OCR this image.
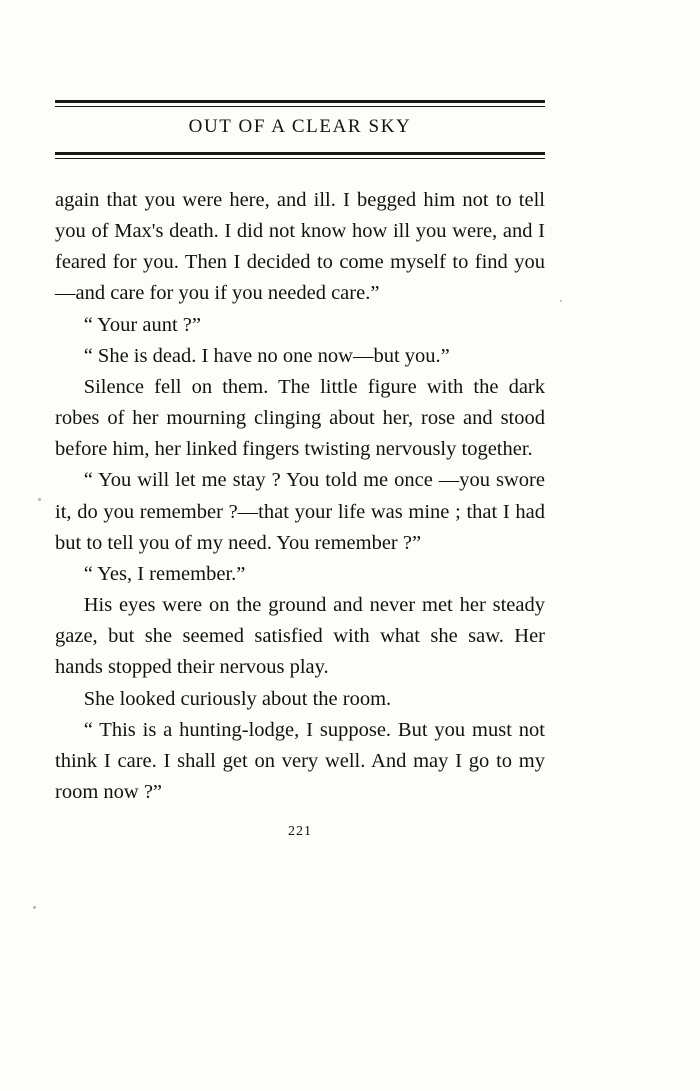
OUT OF A CLEAR SKY

again that you were here, and ill. I begged him not to tell you of Max's death. I did not know how ill you were, and I feared for you. Then I decided to come myself to find you—and care for you if you needed care.”

“ Your aunt ?”

“ She is dead. I have no one now—but you.”

Silence fell on them. The little figure with the dark robes of her mourning clinging about her, rose and stood before him, her linked fingers twisting nervously together.

“ You will let me stay ? You told me once —you swore it, do you remember ?—that your life was mine ; that I had but to tell you of my need. You remember ?”

“ Yes, I remember.”

His eyes were on the ground and never met her steady gaze, but she seemed satisfied with what she saw. Her hands stopped their nervous play.

She looked curiously about the room.

“ This is a hunting-lodge, I suppose. But you must not think I care. I shall get on very well. And may I go to my room now ?”

221
